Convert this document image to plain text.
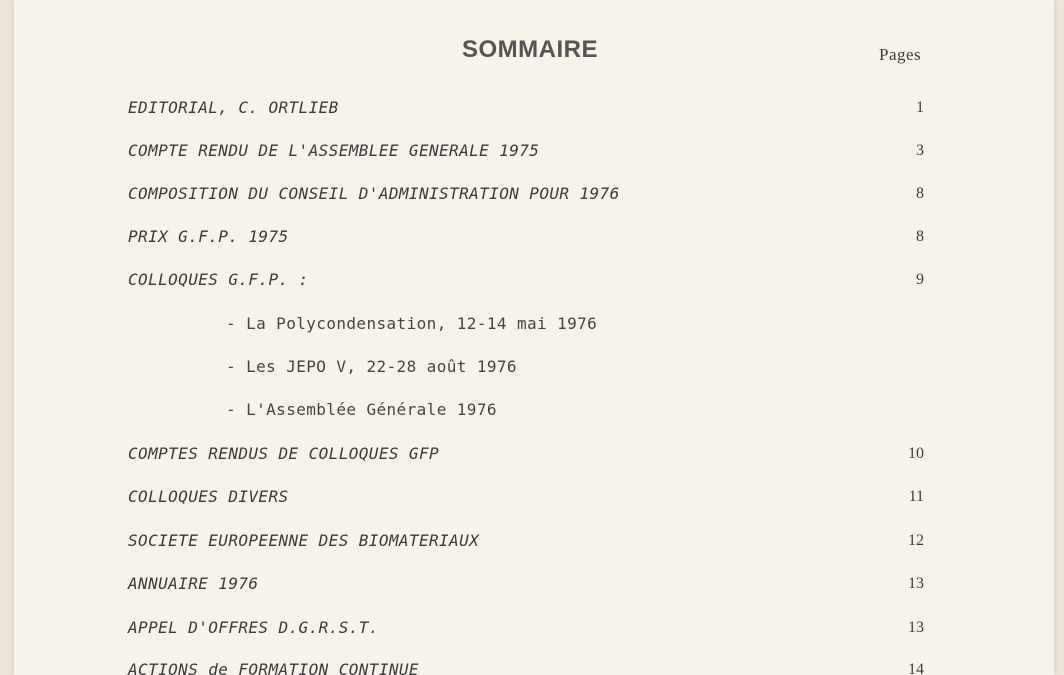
SOMMAIRE	Pages
EDITORIAL, C. ORTLIEB	1
COMPTE RENDU DE L'ASSEMBLEE GENERALE 1975	3
COMPOSITION DU CONSEIL D'ADMINISTRATION POUR 1976	8
PRIX G.F.P. 1975	8
COLLOQUES G.F.P. :	9
- La Polycondensation, 12-14 mai 1976
- Les JEPO V, 22-28 août 1976
- L'Assemblée Générale 1976
COMPTES RENDUS DE COLLOQUES GFP	10
COLLOQUES DIVERS	11
SOCIETE EUROPEENNE DES BIOMATERIAUX	12
ANNUAIRE 1976	13
APPEL D'OFFRES D.G.R.S.T.	13
ACTIONS de FORMATION CONTINUE	14
